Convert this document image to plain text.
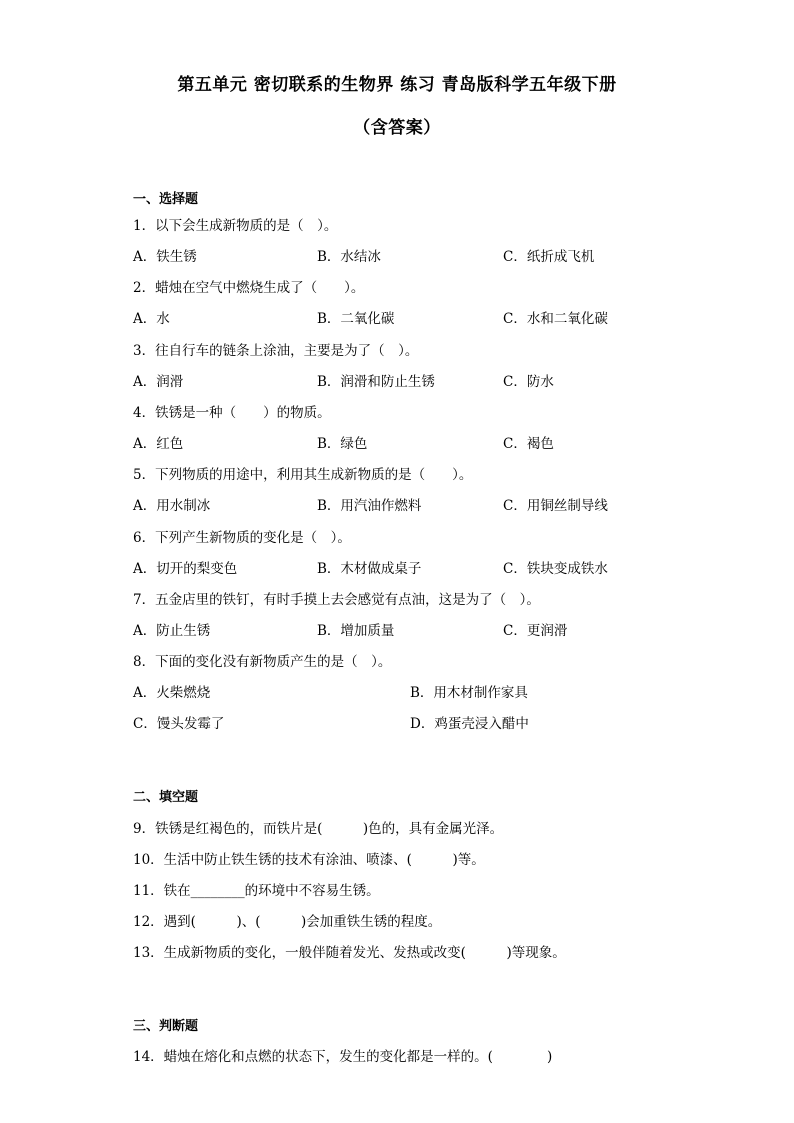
第五单元 密切联系的生物界 练习 青岛版科学五年级下册
（含答案）
一、选择题
1．以下会生成新物质的是（　）。
A．铁生锈	B．水结冰	C．纸折成飞机
2．蜡烛在空气中燃烧生成了（　　）。
A．水	B．二氧化碳	C．水和二氧化碳
3．往自行车的链条上涂油，主要是为了（　）。
A．润滑	B．润滑和防止生锈	C．防水
4．铁锈是一种（　　）的物质。
A．红色	B．绿色	C．褐色
5．下列物质的用途中，利用其生成新物质的是（　　）。
A．用水制冰	B．用汽油作燃料	C．用铜丝制导线
6．下列产生新物质的变化是（　）。
A．切开的梨变色	B．木材做成桌子	C．铁块变成铁水
7．五金店里的铁钉，有时手摸上去会感觉有点油，这是为了（　）。
A．防止生锈	B．增加质量	C．更润滑
8．下面的变化没有新物质产生的是（　）。
A．火柴燃烧	B．用木材制作家具
C．馒头发霉了	D．鸡蛋壳浸入醋中
二、填空题
9．铁锈是红褐色的，而铁片是(　　　)色的，具有金属光泽。
10．生活中防止铁生锈的技术有涂油、喷漆、(　　　)等。
11．铁在________的环境中不容易生锈。
12．遇到(　　　)、(　　　)会加重铁生锈的程度。
13．生成新物质的变化，一般伴随着发光、发热或改变(　　　)等现象。
三、判断题
14．蜡烛在熔化和点燃的状态下，发生的变化都是一样的。(　　　　)
